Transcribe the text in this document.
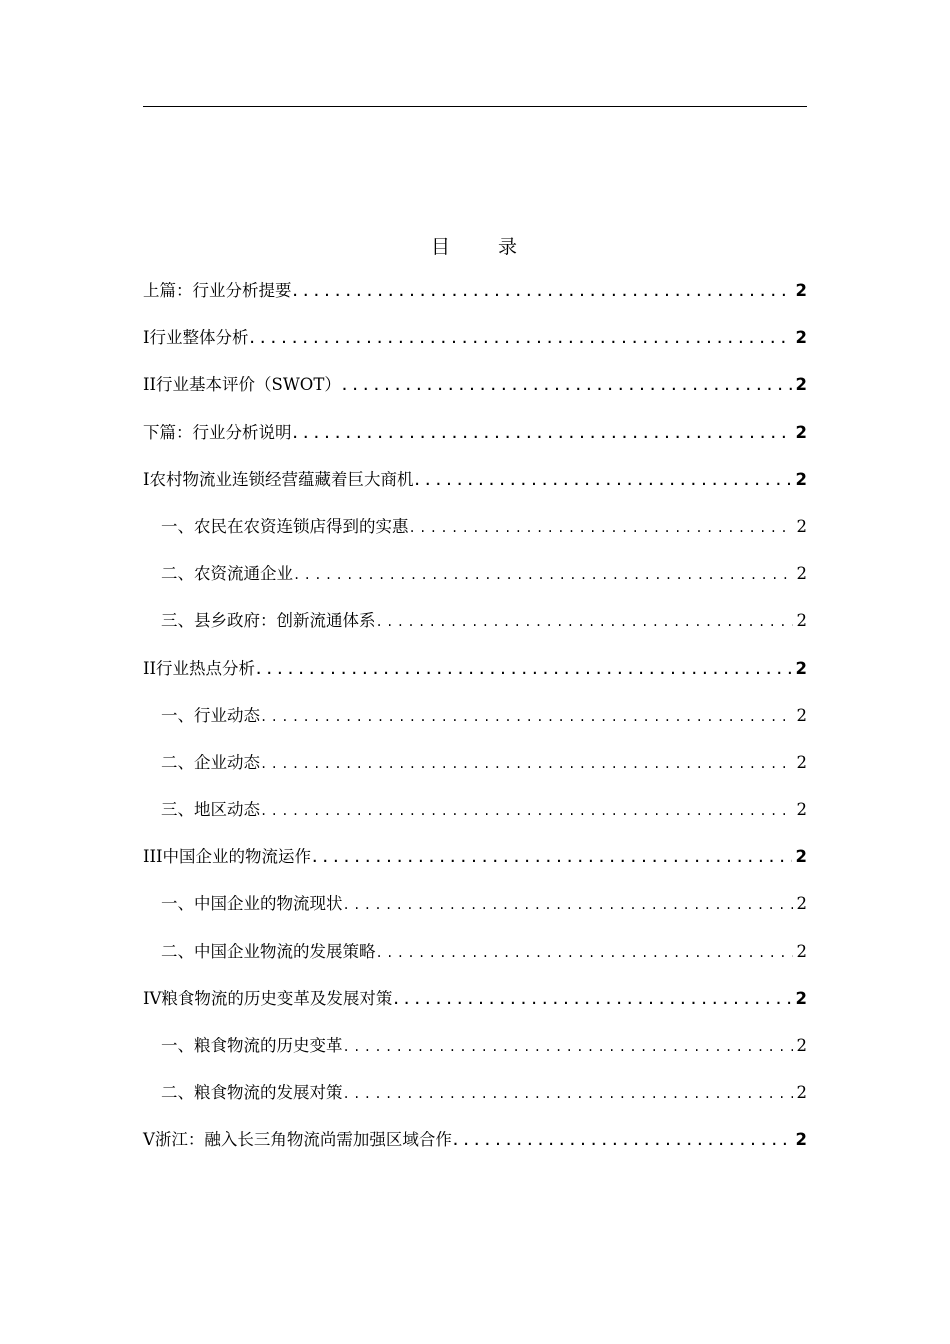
目 录
上篇：行业分析提要 .....	2
I行业整体分析 .....	2
II行业基本评价（SWOT） .....	2
下篇：行业分析说明 .....	2
I农村物流业连锁经营蕴藏着巨大商机 .....	2
一、农民在农资连锁店得到的实惠 .....	2
二、农资流通企业 .....	2
三、县乡政府：创新流通体系 .....	2
II行业热点分析 .....	2
一、行业动态 .....	2
二、企业动态 .....	2
三、地区动态 .....	2
III中国企业的物流运作 .....	2
一、中国企业的物流现状 .....	2
二、中国企业物流的发展策略 .....	2
IV粮食物流的历史变革及发展对策 .....	2
一、粮食物流的历史变革 .....	2
二、粮食物流的发展对策 .....	2
V浙江：融入长三角物流尚需加强区域合作 .....	2
